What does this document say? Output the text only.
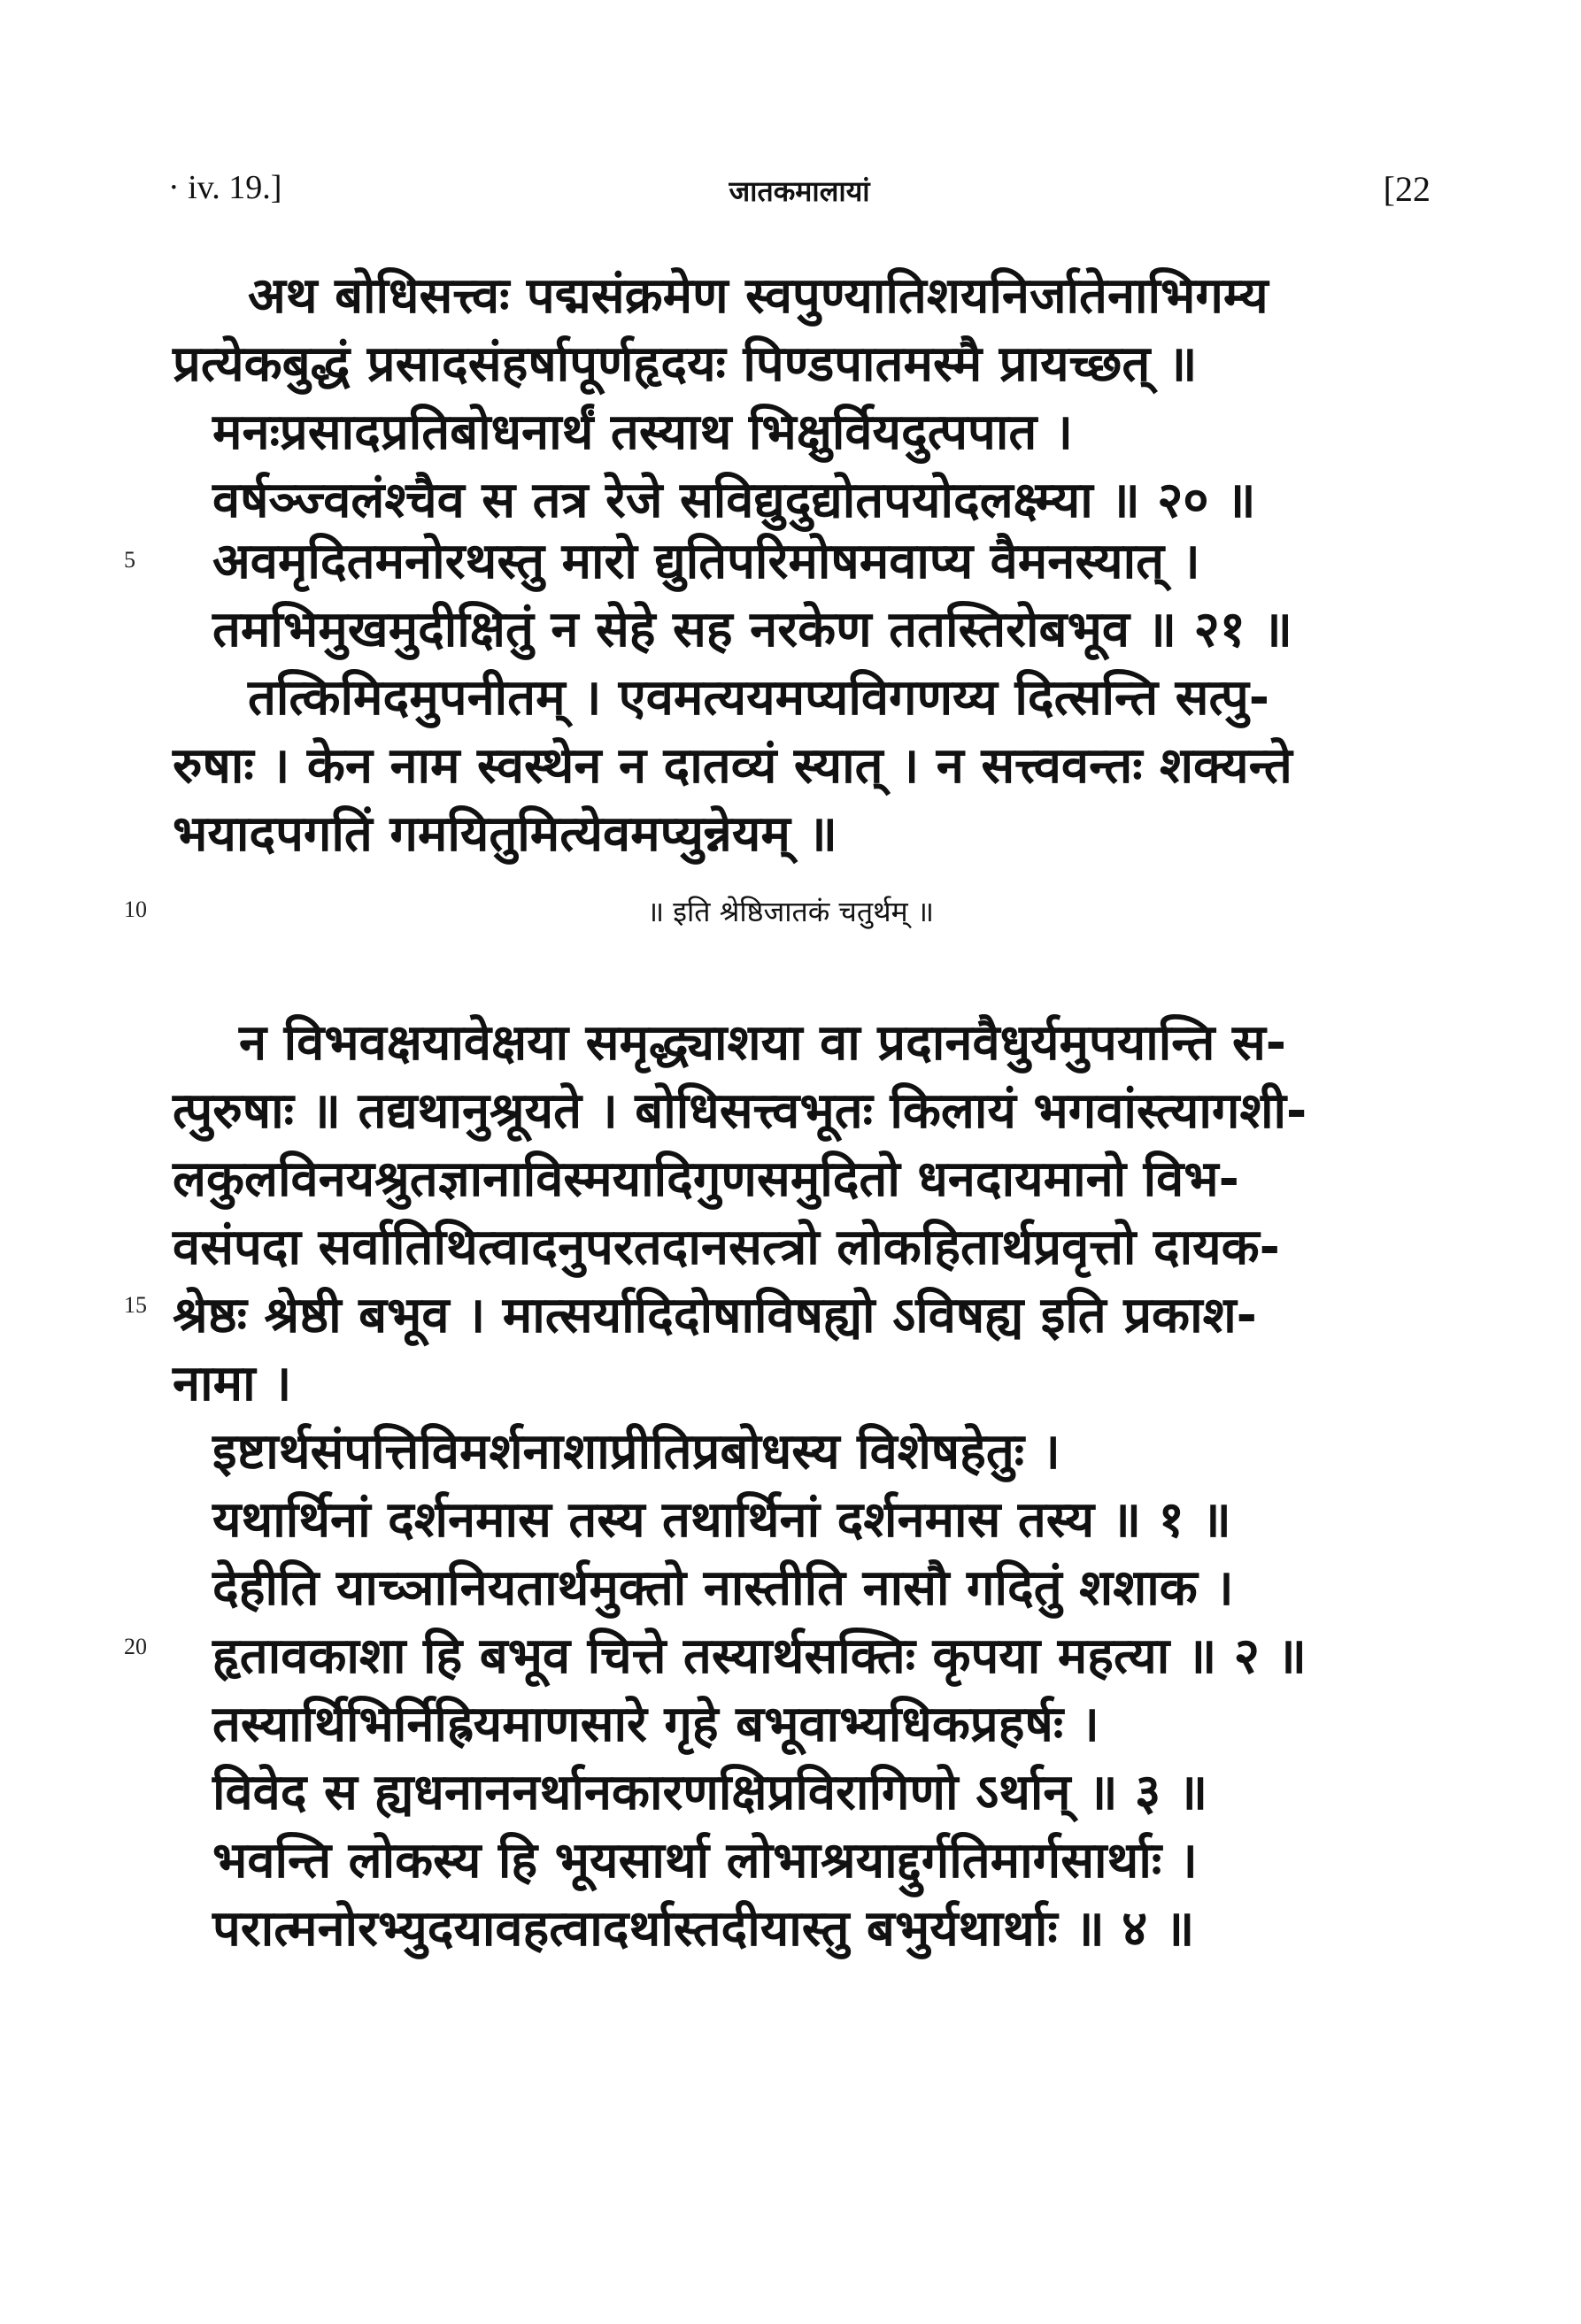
· iv. 19.]	जातकमालायां	[22
अथ बोधिसत्त्वः पद्मसंक्रमेण स्वपुण्यातिशयनिर्जातेनाभिगम्य
प्रत्येकबुद्धं प्रसादसंहर्षापूर्णहृदयः पिण्डपातमस्मै प्रायच्छत् ॥
मनःप्रसादप्रतिबोधनार्थं तस्याथ भिक्षुर्वियदुत्पपात ।
वर्षञ्ज्वलंश्चैव स तत्र रेजे सविद्युदुद्योतपयोदलक्ष्म्या ॥ २० ॥
5 अवमृदितमनोरथस्तु मारो द्युतिपरिमोषमवाप्य वैमनस्यात् ।
तमभिमुखमुदीक्षितुं न सेहे सह नरकेण ततस्तिरोबभूव ॥ २१ ॥
तत्किमिदमुपनीतम् । एवमत्ययमप्यविगणय्य दित्सन्ति सत्पु-
रुषाः । केन नाम स्वस्थेन न दातव्यं स्यात् । न सत्त्ववन्तः शक्यन्ते
भयादपगतिं गमयितुमित्येवमप्युन्नेयम् ॥
10	॥ इति श्रेष्ठिजातकं चतुर्थम् ॥
न विभवक्षयावेक्षया समृद्ध्याशया वा प्रदानवैधुर्यमुपयान्ति स-
त्पुरुषाः ॥ तद्यथानुश्रूयते । बोधिसत्त्वभूतः किलायं भगवांस्त्यागशी-
लकुलविनयश्रुतज्ञानाविस्मयादिगुणसमुदितो धनदायमानो विभ-
वसंपदा सर्वातिथित्वादनुपरतदानसत्त्रो लोकहितार्थप्रवृत्तो दायक-
15 श्रेष्ठः श्रेष्ठी बभूव । मात्सर्यादिदोषाविषह्यो ऽविषह्य इति प्रकाश-
नामा ।
इष्टार्थसंपत्तिविमर्शनाशाप्रीतिप्रबोधस्य विशेषहेतुः ।
यथार्थिनां दर्शनमास तस्य तथार्थिनां दर्शनमास तस्य ॥ १ ॥
देहीति याच्ञानियतार्थमुक्तो नास्तीति नासौ गदितुं शशाक ।
20 हृतावकाशा हि बभूव चित्ते तस्यार्थसक्तिः कृपया महत्या ॥ २ ॥
तस्यार्थिभिर्निह्रियमाणसारे गृहे बभूवाभ्यधिकप्रहर्षः ।
विवेद स ह्यधनाननर्थानकारणक्षिप्रविरागिणो ऽर्थान् ॥ ३ ॥
भवन्ति लोकस्य हि भूयसार्था लोभाश्रयाद्दुर्गतिमार्गसार्थाः ।
परात्मनोरभ्युदयावहत्वादर्थास्तदीयास्तु बभुर्यथार्थाः ॥ ४ ॥
